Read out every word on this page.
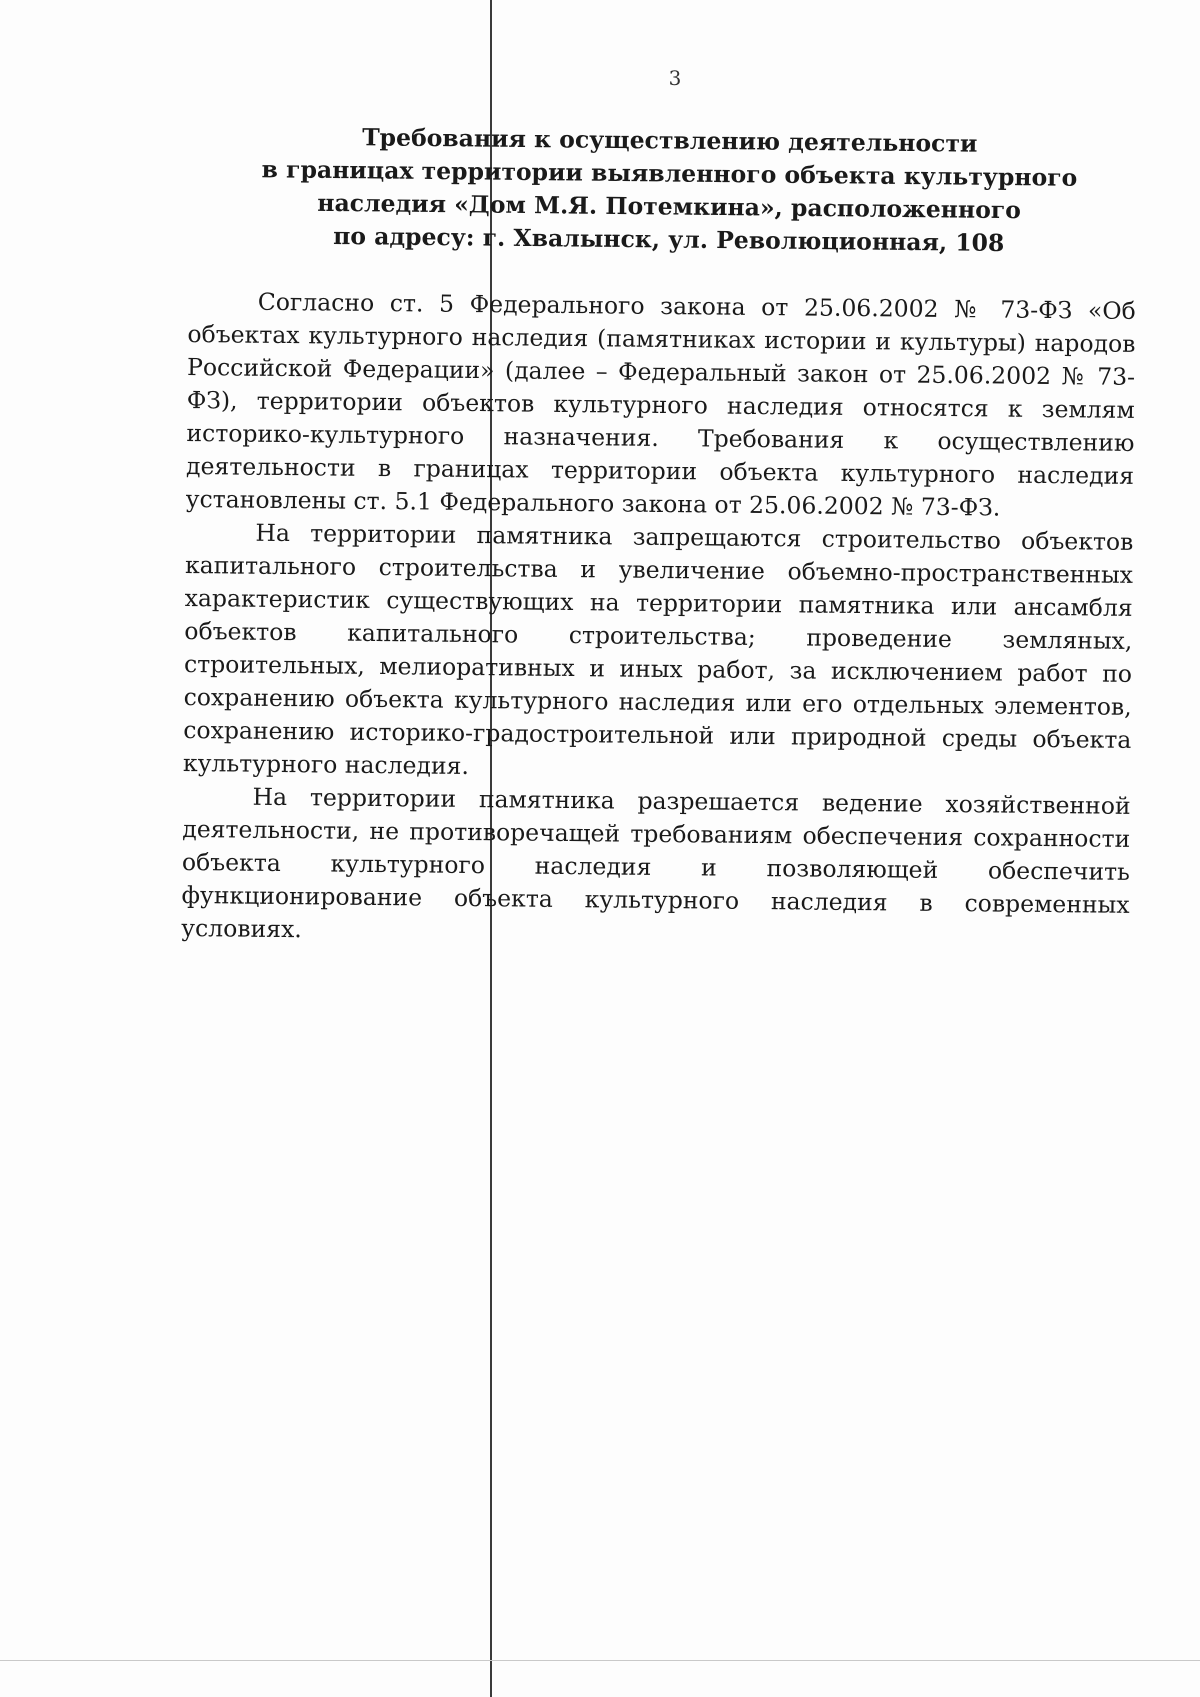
3
Требования к осуществлению деятельности
в границах территории выявленного объекта культурного
наследия «Дом М.Я. Потемкина», расположенного
по адресу: г. Хвалынск, ул. Революционная, 108

Согласно ст. 5 Федерального закона от 25.06.2002 № 73-ФЗ «Об объектах культурного наследия (памятниках истории и культуры) народов Российской Федерации» (далее – Федеральный закон от 25.06.2002 № 73-ФЗ), территории объектов культурного наследия относятся к землям историко-культурного назначения. Требования к осуществлению деятельности в границах территории объекта культурного наследия установлены ст. 5.1 Федерального закона от 25.06.2002 № 73-ФЗ.

На территории памятника запрещаются строительство объектов капитального строительства и увеличение объемно-пространственных характеристик существующих на территории памятника или ансамбля объектов капитального строительства; проведение земляных, строительных, мелиоративных и иных работ, за исключением работ по сохранению объекта культурного наследия или его отдельных элементов, сохранению историко-градостроительной или природной среды объекта культурного наследия.

На территории памятника разрешается ведение хозяйственной деятельности, не противоречащей требованиям обеспечения сохранности объекта культурного наследия и позволяющей обеспечить функционирование объекта культурного наследия в современных условиях.
